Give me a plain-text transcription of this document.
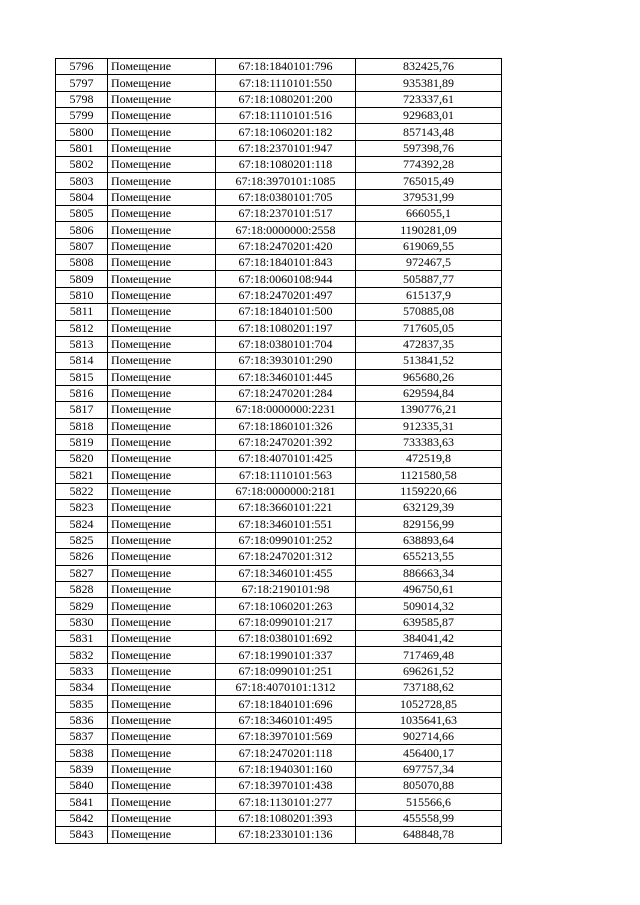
5796	Помещение	67:18:1840101:796	832425,76
5797	Помещение	67:18:1110101:550	935381,89
5798	Помещение	67:18:1080201:200	723337,61
5799	Помещение	67:18:1110101:516	929683,01
5800	Помещение	67:18:1060201:182	857143,48
5801	Помещение	67:18:2370101:947	597398,76
5802	Помещение	67:18:1080201:118	774392,28
5803	Помещение	67:18:3970101:1085	765015,49
5804	Помещение	67:18:0380101:705	379531,99
5805	Помещение	67:18:2370101:517	666055,1
5806	Помещение	67:18:0000000:2558	1190281,09
5807	Помещение	67:18:2470201:420	619069,55
5808	Помещение	67:18:1840101:843	972467,5
5809	Помещение	67:18:0060108:944	505887,77
5810	Помещение	67:18:2470201:497	615137,9
5811	Помещение	67:18:1840101:500	570885,08
5812	Помещение	67:18:1080201:197	717605,05
5813	Помещение	67:18:0380101:704	472837,35
5814	Помещение	67:18:3930101:290	513841,52
5815	Помещение	67:18:3460101:445	965680,26
5816	Помещение	67:18:2470201:284	629594,84
5817	Помещение	67:18:0000000:2231	1390776,21
5818	Помещение	67:18:1860101:326	912335,31
5819	Помещение	67:18:2470201:392	733383,63
5820	Помещение	67:18:4070101:425	472519,8
5821	Помещение	67:18:1110101:563	1121580,58
5822	Помещение	67:18:0000000:2181	1159220,66
5823	Помещение	67:18:3660101:221	632129,39
5824	Помещение	67:18:3460101:551	829156,99
5825	Помещение	67:18:0990101:252	638893,64
5826	Помещение	67:18:2470201:312	655213,55
5827	Помещение	67:18:3460101:455	886663,34
5828	Помещение	67:18:2190101:98	496750,61
5829	Помещение	67:18:1060201:263	509014,32
5830	Помещение	67:18:0990101:217	639585,87
5831	Помещение	67:18:0380101:692	384041,42
5832	Помещение	67:18:1990101:337	717469,48
5833	Помещение	67:18:0990101:251	696261,52
5834	Помещение	67:18:4070101:1312	737188,62
5835	Помещение	67:18:1840101:696	1052728,85
5836	Помещение	67:18:3460101:495	1035641,63
5837	Помещение	67:18:3970101:569	902714,66
5838	Помещение	67:18:2470201:118	456400,17
5839	Помещение	67:18:1940301:160	697757,34
5840	Помещение	67:18:3970101:438	805070,88
5841	Помещение	67:18:1130101:277	515566,6
5842	Помещение	67:18:1080201:393	455558,99
5843	Помещение	67:18:2330101:136	648848,78
